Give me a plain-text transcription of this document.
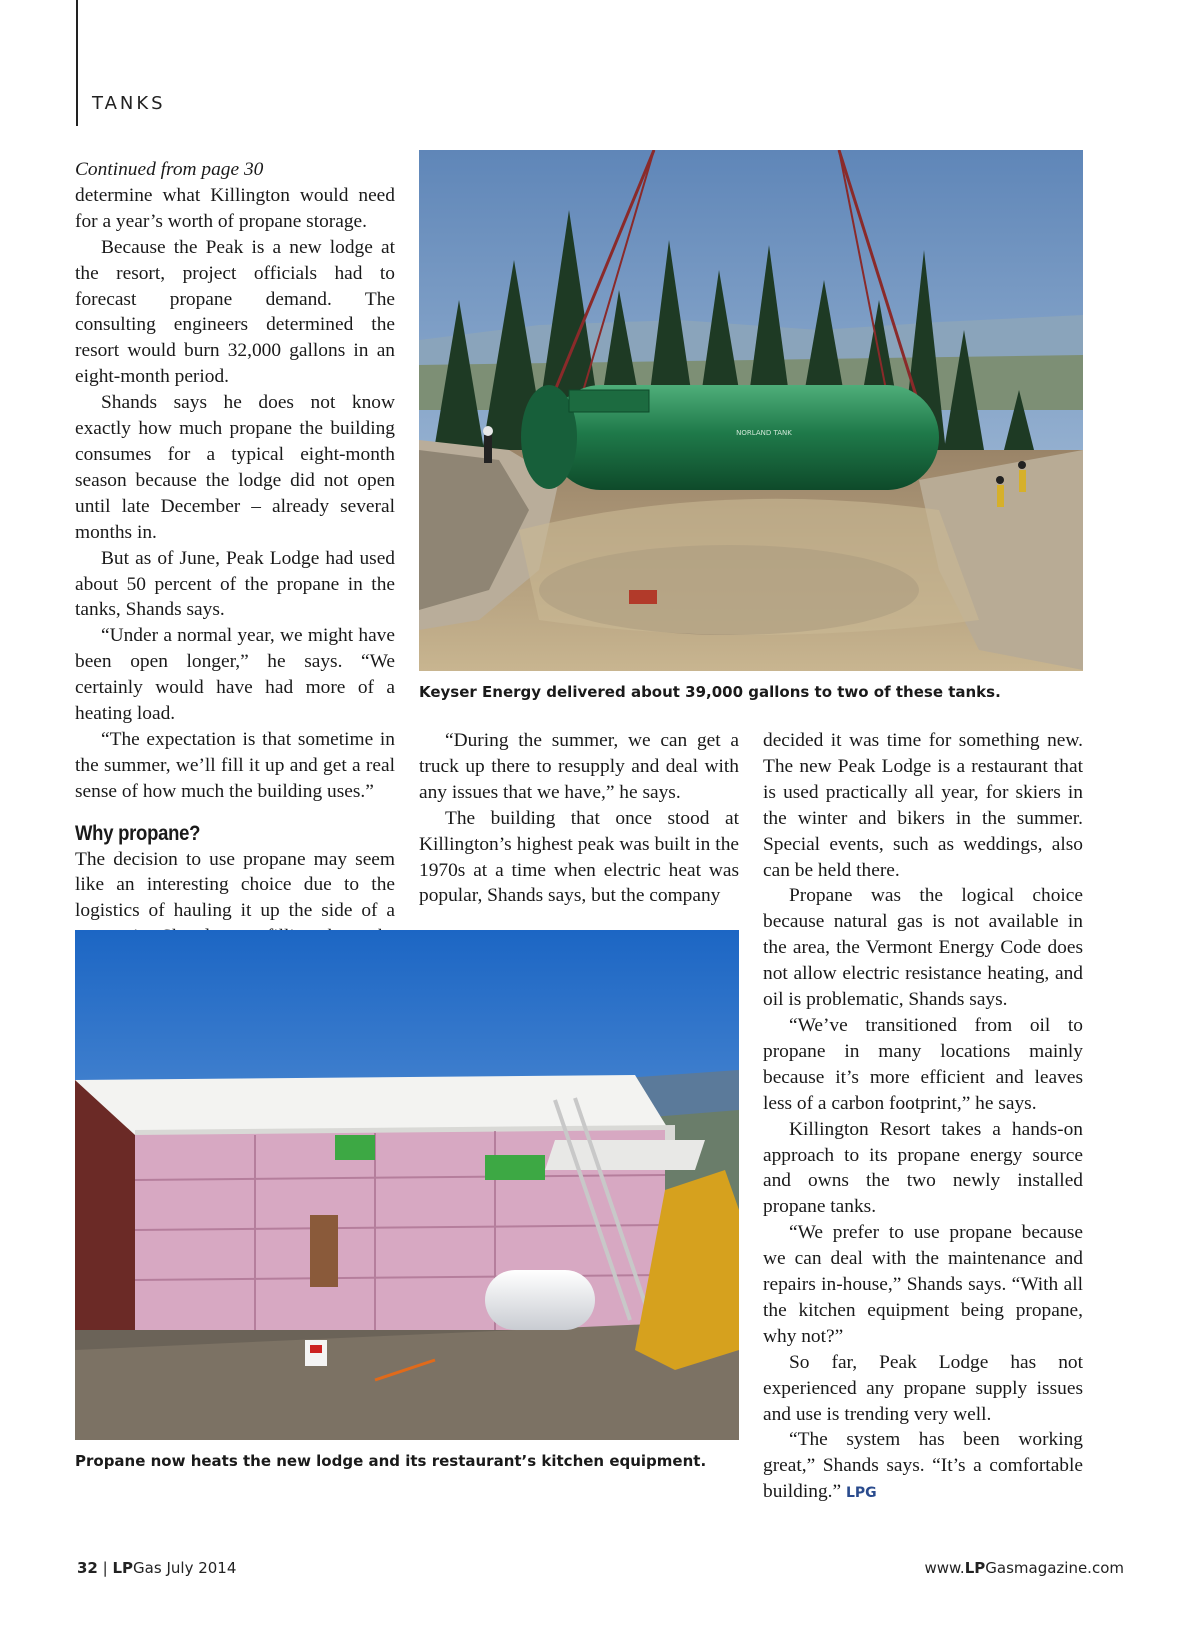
TANKS

Continued from page 30

determine what Killington would need for a year’s worth of propane storage.

Because the Peak is a new lodge at the resort, project officials had to forecast propane demand. The consulting engineers determined the resort would burn 32,000 gallons in an eight-month period.

Shands says he does not know exactly how much propane the building consumes for a typical eight-month season because the lodge did not open until late December – already several months in.

But as of June, Peak Lodge had used about 50 percent of the propane in the tanks, Shands says.

“Under a normal year, we might have been open longer,” he says. “We certainly would have had more of a heating load.

“The expectation is that sometime in the summer, we’ll fill it up and get a real sense of how much the building uses.”

Why propane?

The decision to use propane may seem like an interesting choice due to the logistics of hauling it up the side of a

NORLAND TANK
Keyser Energy delivered about 39,000 gallons to two of these tanks.

“During the summer, we can get a truck up there to resupply and deal with any issues that we have,” he says.

The building that once stood at Killington’s highest peak was built in the 1970s at a time when electric heat was popular, Shands says, but the company

decided it was time for something new. The new Peak Lodge is a restaurant that is used practically all year, for skiers in the winter and bikers in the summer. Special events, such as weddings, also can be held there.

Propane was the logical choice because natural gas is not available in the area, the Vermont Energy Code does not allow electric resistance heating, and oil is problematic, Shands says.

“We’ve transitioned from oil to propane in many locations mainly because it’s more efficient and leaves less of a carbon footprint,” he says.

Killington Resort takes a hands-on approach to its propane energy source and owns the two newly installed propane tanks.

“We prefer to use propane because we can deal with the maintenance and repairs in-house,” Shands says. “With all the kitchen equipment being propane, why not?”

So far, Peak Lodge has not experienced any propane supply issues and use is trending very well.

“The system has been working great,” Shands says. “It’s a comfortable building.” LPG

Propane now heats the new lodge and its restaurant’s kitchen equipment.
32 | LPGas July 2014	www.LPGasmagazine.com
